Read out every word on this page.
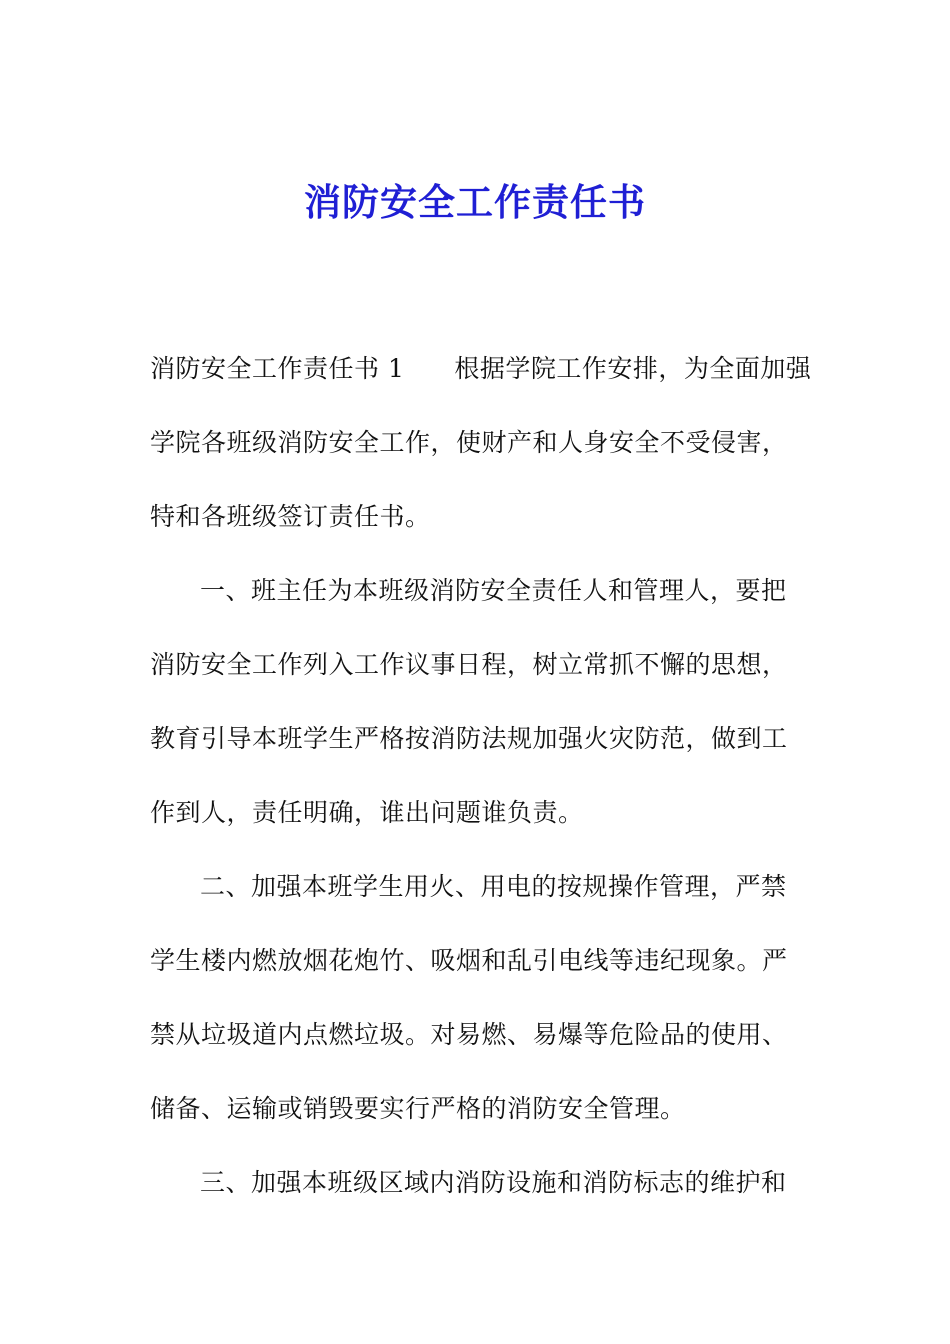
消防安全工作责任书
消防安全工作责任书 1 根据学院工作安排，为全面加强
学院各班级消防安全工作，使财产和人身安全不受侵害，
特和各班级签订责任书。
一、班主任为本班级消防安全责任人和管理人，要把
消防安全工作列入工作议事日程，树立常抓不懈的思想，
教育引导本班学生严格按消防法规加强火灾防范，做到工
作到人，责任明确，谁出问题谁负责。
二、加强本班学生用火、用电的按规操作管理，严禁
学生楼内燃放烟花炮竹、吸烟和乱引电线等违纪现象。严
禁从垃圾道内点燃垃圾。对易燃、易爆等危险品的使用、
储备、运输或销毁要实行严格的消防安全管理。
三、加强本班级区域内消防设施和消防标志的维护和
